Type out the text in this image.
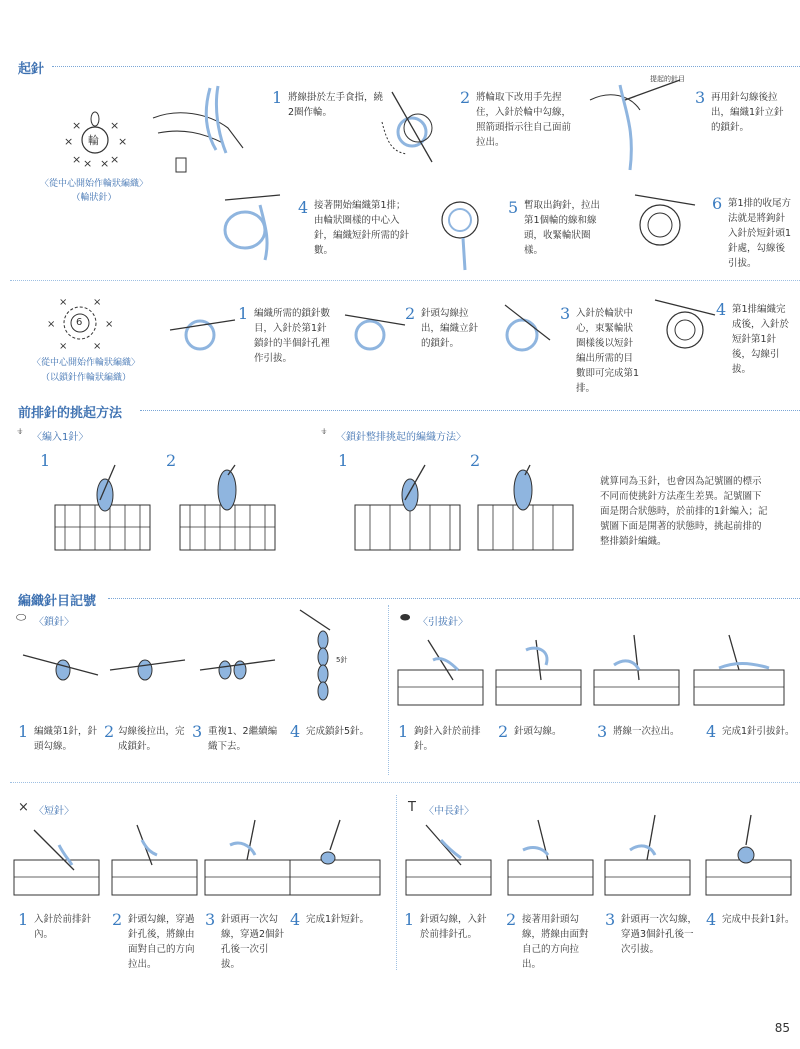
起針
×	×
×	×
×	×
× ×
輪
〈從中心開始作輪狀編織〉
（輪狀針）
提起的針目
1 將線掛於左手食指，繞2圈作輪。
2 將輪取下改用手先捏住，入針於輪中勾線，照箭頭指示往自己面前拉出。
3 再用針勾線後拉出，編織1針立針的鎖針。
4 接著開始編織第1排；由輪狀圈樣的中心入針，編織短針所需的針數。
5 暫取出鉤針，拉出第1個輪的線和線頭，收緊輪狀圈樣。
6 第1排的收尾方法就是將鉤針入針於短針頭1針處，勾線後引拔。
×	×
×	×
×	×
6
〈從中心開始作輪狀編織〉
（以鎖針作輪狀編織）
1 編織所需的鎖針數目，入針於第1針鎖針的半個針孔裡作引拔。
2 針頭勾線拉出，編織立針的鎖針。
3 入針於輪狀中心，束緊輪狀圈樣後以短針編出所需的目數即可完成第1排。
4 第1排編織完成後，入針於短針第1針後，勾線引拔。
前排針的挑起方法
⍖ 〈編入1針〉	⍖ 〈鎖針整排挑起的編織方法〉
1	2	1	2
就算同為玉針，也會因為記號圖的標示不同而使挑針方法產生差異。記號圖下面是閉合狀態時，於前排的1針編入；記號圖下面是開著的狀態時，挑起前排的整排鎖針編織。
編織針目記號
⬭ 〈鎖針〉
5針
1 編織第1針，針頭勾線。
2 勾線後拉出，完成鎖針。
3 重複1、2繼續編織下去。
4 完成鎖針5針。
⬬ 〈引拔針〉
1 鉤針入針於前排針。
2 針頭勾線。	3 將線一次拉出。	4 完成1針引拔針。
× 〈短針〉
1 入針於前排針內。
2 針頭勾線，穿過針孔後，將線由面對自己的方向拉出。
3 針頭再一次勾線，穿過2個針孔後一次引拔。
4 完成1針短針。
T 〈中長針〉
1 針頭勾線，入針於前排針孔。
2 接著用針頭勾線，將線由面對自己的方向拉出。
3 針頭再一次勾線，穿過3個針孔後一次引拔。
4 完成中長針1針。
85
